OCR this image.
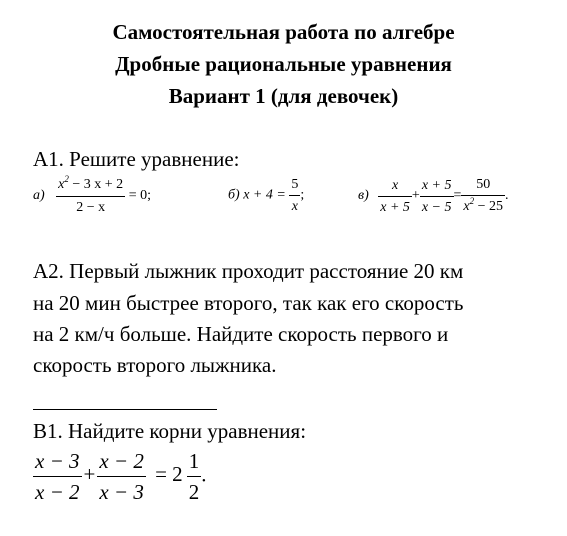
Самостоятельная работа по алгебре
Дробные рациональные уравнения
Вариант 1 (для девочек)
А1. Решите уравнение:
$а) \frac{x^2 - 3 x + 2}{2 - x} = 0$;	б) $x + 4 = \frac{5}{x}$ ;	$в) \frac{x}{x + 5} + \frac{x + 5}{x - 5} = \frac{50}{x^2 - 25}$ .
А2. Первый лыжник проходит расстояние 20 км
на 20 мин быстрее второго, так как его скорость
на 2 км/ч больше. Найдите скорость первого и
скорость второго лыжника.
В1. Найдите корни уравнения:
$\frac{x - 3}{x - 2} + \frac{x - 2}{x - 3} = 2 \frac{1}{2}$ .
